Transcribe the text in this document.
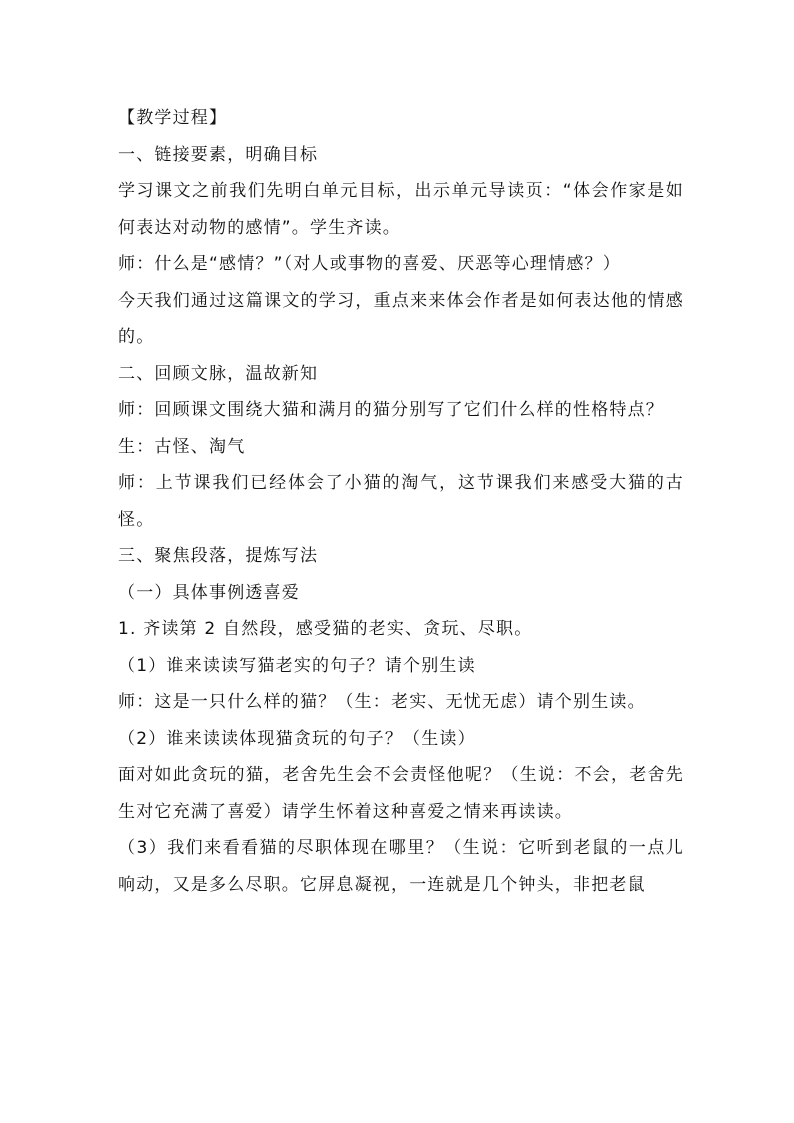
【教学过程】
一、链接要素，明确目标
学习课文之前我们先明白单元目标，出示单元导读页：“体会作家是如何表达对动物的感情”。学生齐读。
师：什么是“感情？”（对人或事物的喜爱、厌恶等心理情感？）
今天我们通过这篇课文的学习，重点来来体会作者是如何表达他的情感的。
二、回顾文脉，温故新知
师：回顾课文围绕大猫和满月的猫分别写了它们什么样的性格特点？
生：古怪、淘气
师：上节课我们已经体会了小猫的淘气，这节课我们来感受大猫的古怪。
三、聚焦段落，提炼写法
（一）具体事例透喜爱
1. 齐读第 2 自然段，感受猫的老实、贪玩、尽职。
（1）谁来读读写猫老实的句子？请个别生读
师：这是一只什么样的猫？（生：老实、无忧无虑）请个别生读。
（2）谁来读读体现猫贪玩的句子？（生读）
面对如此贪玩的猫，老舍先生会不会责怪他呢？（生说：不会，老舍先生对它充满了喜爱）请学生怀着这种喜爱之情来再读读。
（3）我们来看看猫的尽职体现在哪里？（生说：它听到老鼠的一点儿响动，又是多么尽职。它屏息凝视，一连就是几个钟头，非把老鼠
